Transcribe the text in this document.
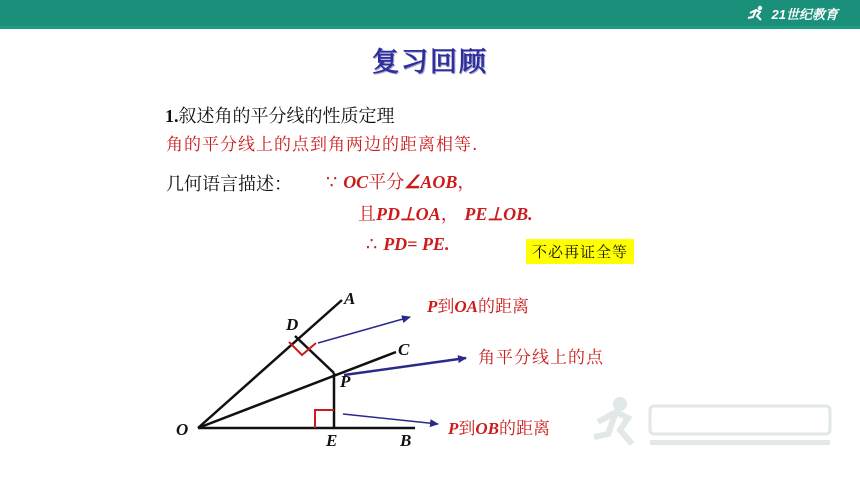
21世纪教育
复习回顾
1.叙述角的平分线的性质定理
角的平分线上的点到角两边的距离相等.
几何语言描述： ∵ OC平分∠AOB，
且PD⊥OA， PE⊥OB.
∴ PD= PE.	不必再证全等
A
D
C
P
O
E	B
P到OA的距离
角平分线上的点
P到OB的距离
